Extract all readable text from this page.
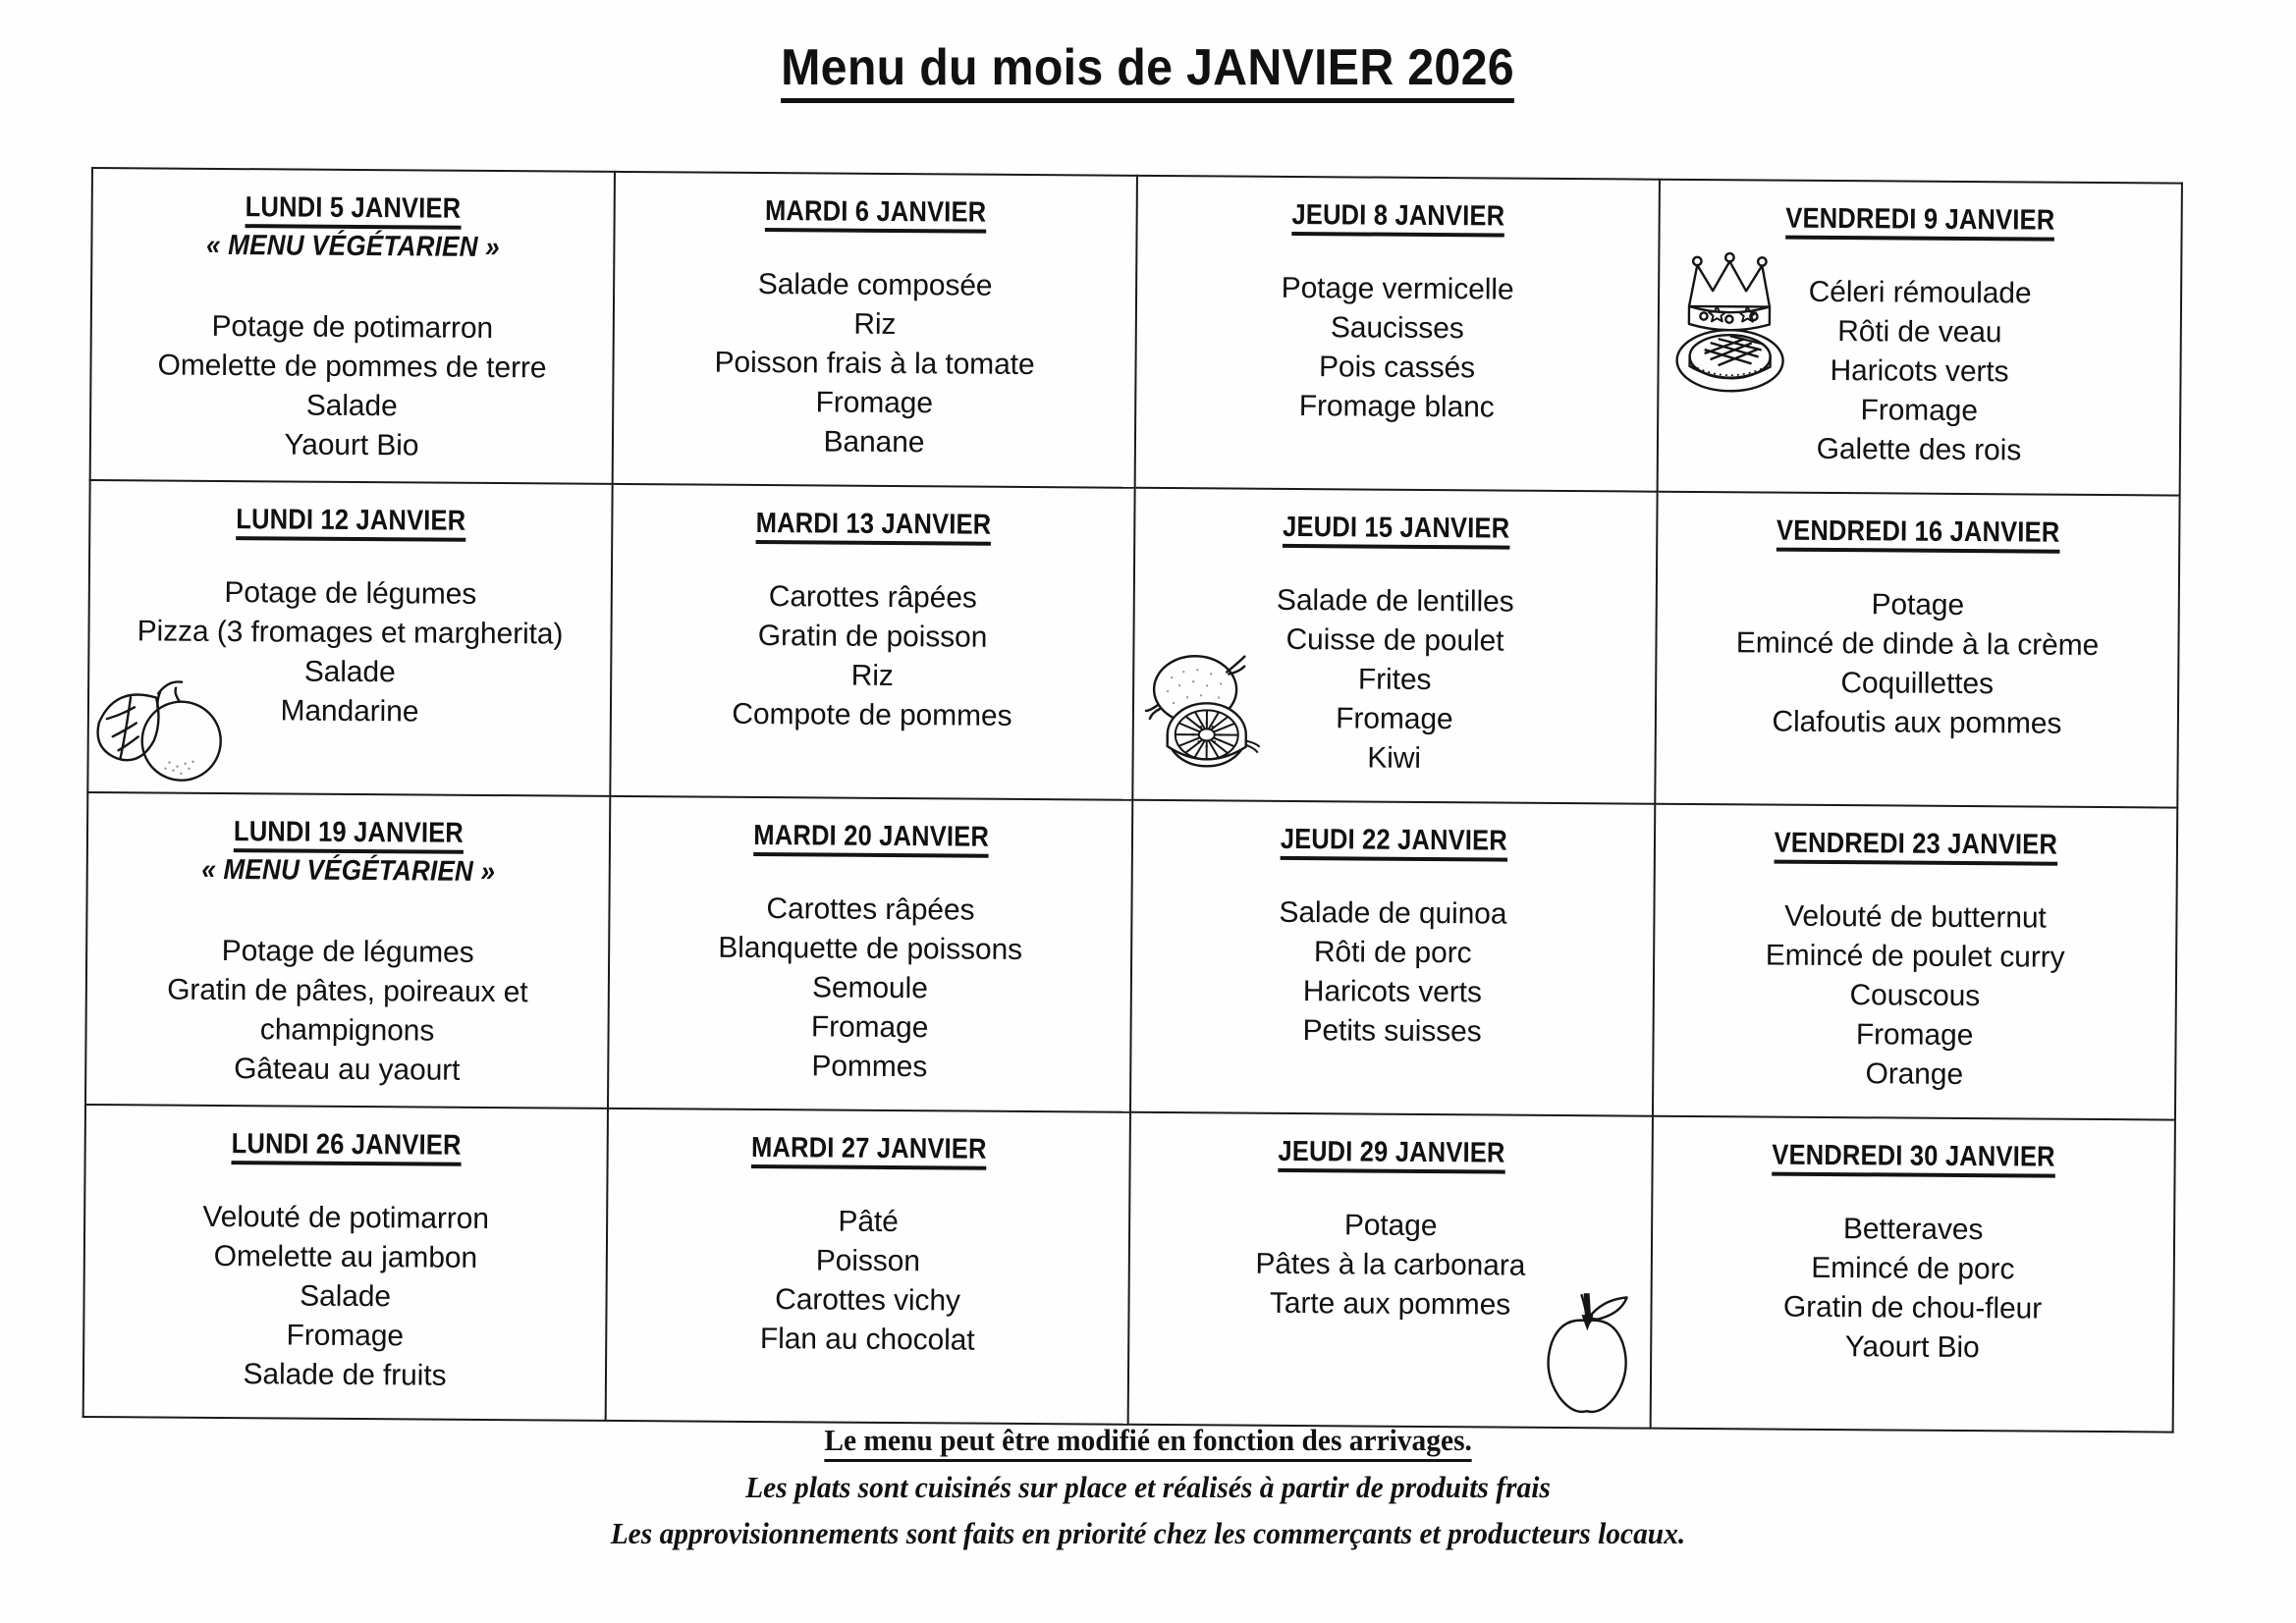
Menu du mois de JANVIER 2026
LUNDI 5 JANVIER
« MENU VÉGÉTARIEN »
Potage de potimarron
Omelette de pommes de terre
Salade
Yaourt Bio

MARDI 6 JANVIER
Salade composée
Riz
Poisson frais à la tomate
Fromage
Banane

JEUDI 8 JANVIER
Potage vermicelle
Saucisses
Pois cassés
Fromage blanc

VENDREDI 9 JANVIER
Céleri rémoulade
Rôti de veau
Haricots verts
Fromage
Galette des rois

LUNDI 12 JANVIER
Potage de légumes
Pizza (3 fromages et margherita)
Salade
Mandarine

MARDI 13 JANVIER
Carottes râpées
Gratin de poisson
Riz
Compote de pommes

JEUDI 15 JANVIER
Salade de lentilles
Cuisse de poulet
Frites
Fromage
Kiwi

VENDREDI 16 JANVIER
Potage
Emincé de dinde à la crème
Coquillettes
Clafoutis aux pommes

LUNDI 19 JANVIER
« MENU VÉGÉTARIEN »
Potage de légumes
Gratin de pâtes, poireaux et champignons
Gâteau au yaourt

MARDI 20 JANVIER
Carottes râpées
Blanquette de poissons
Semoule
Fromage
Pommes

JEUDI 22 JANVIER
Salade de quinoa
Rôti de porc
Haricots verts
Petits suisses

VENDREDI 23 JANVIER
Velouté de butternut
Emincé de poulet curry
Couscous
Fromage
Orange

LUNDI 26 JANVIER
Velouté de potimarron
Omelette au jambon
Salade
Fromage
Salade de fruits

MARDI 27 JANVIER
Pâté
Poisson
Carottes vichy
Flan au chocolat

JEUDI 29 JANVIER
Potage
Pâtes à la carbonara
Tarte aux pommes

VENDREDI 30 JANVIER
Betteraves
Emincé de porc
Gratin de chou-fleur
Yaourt Bio
Le menu peut être modifié en fonction des arrivages.
Les plats sont cuisinés sur place et réalisés à partir de produits frais
Les approvisionnements sont faits en priorité chez les commerçants et producteurs locaux.
